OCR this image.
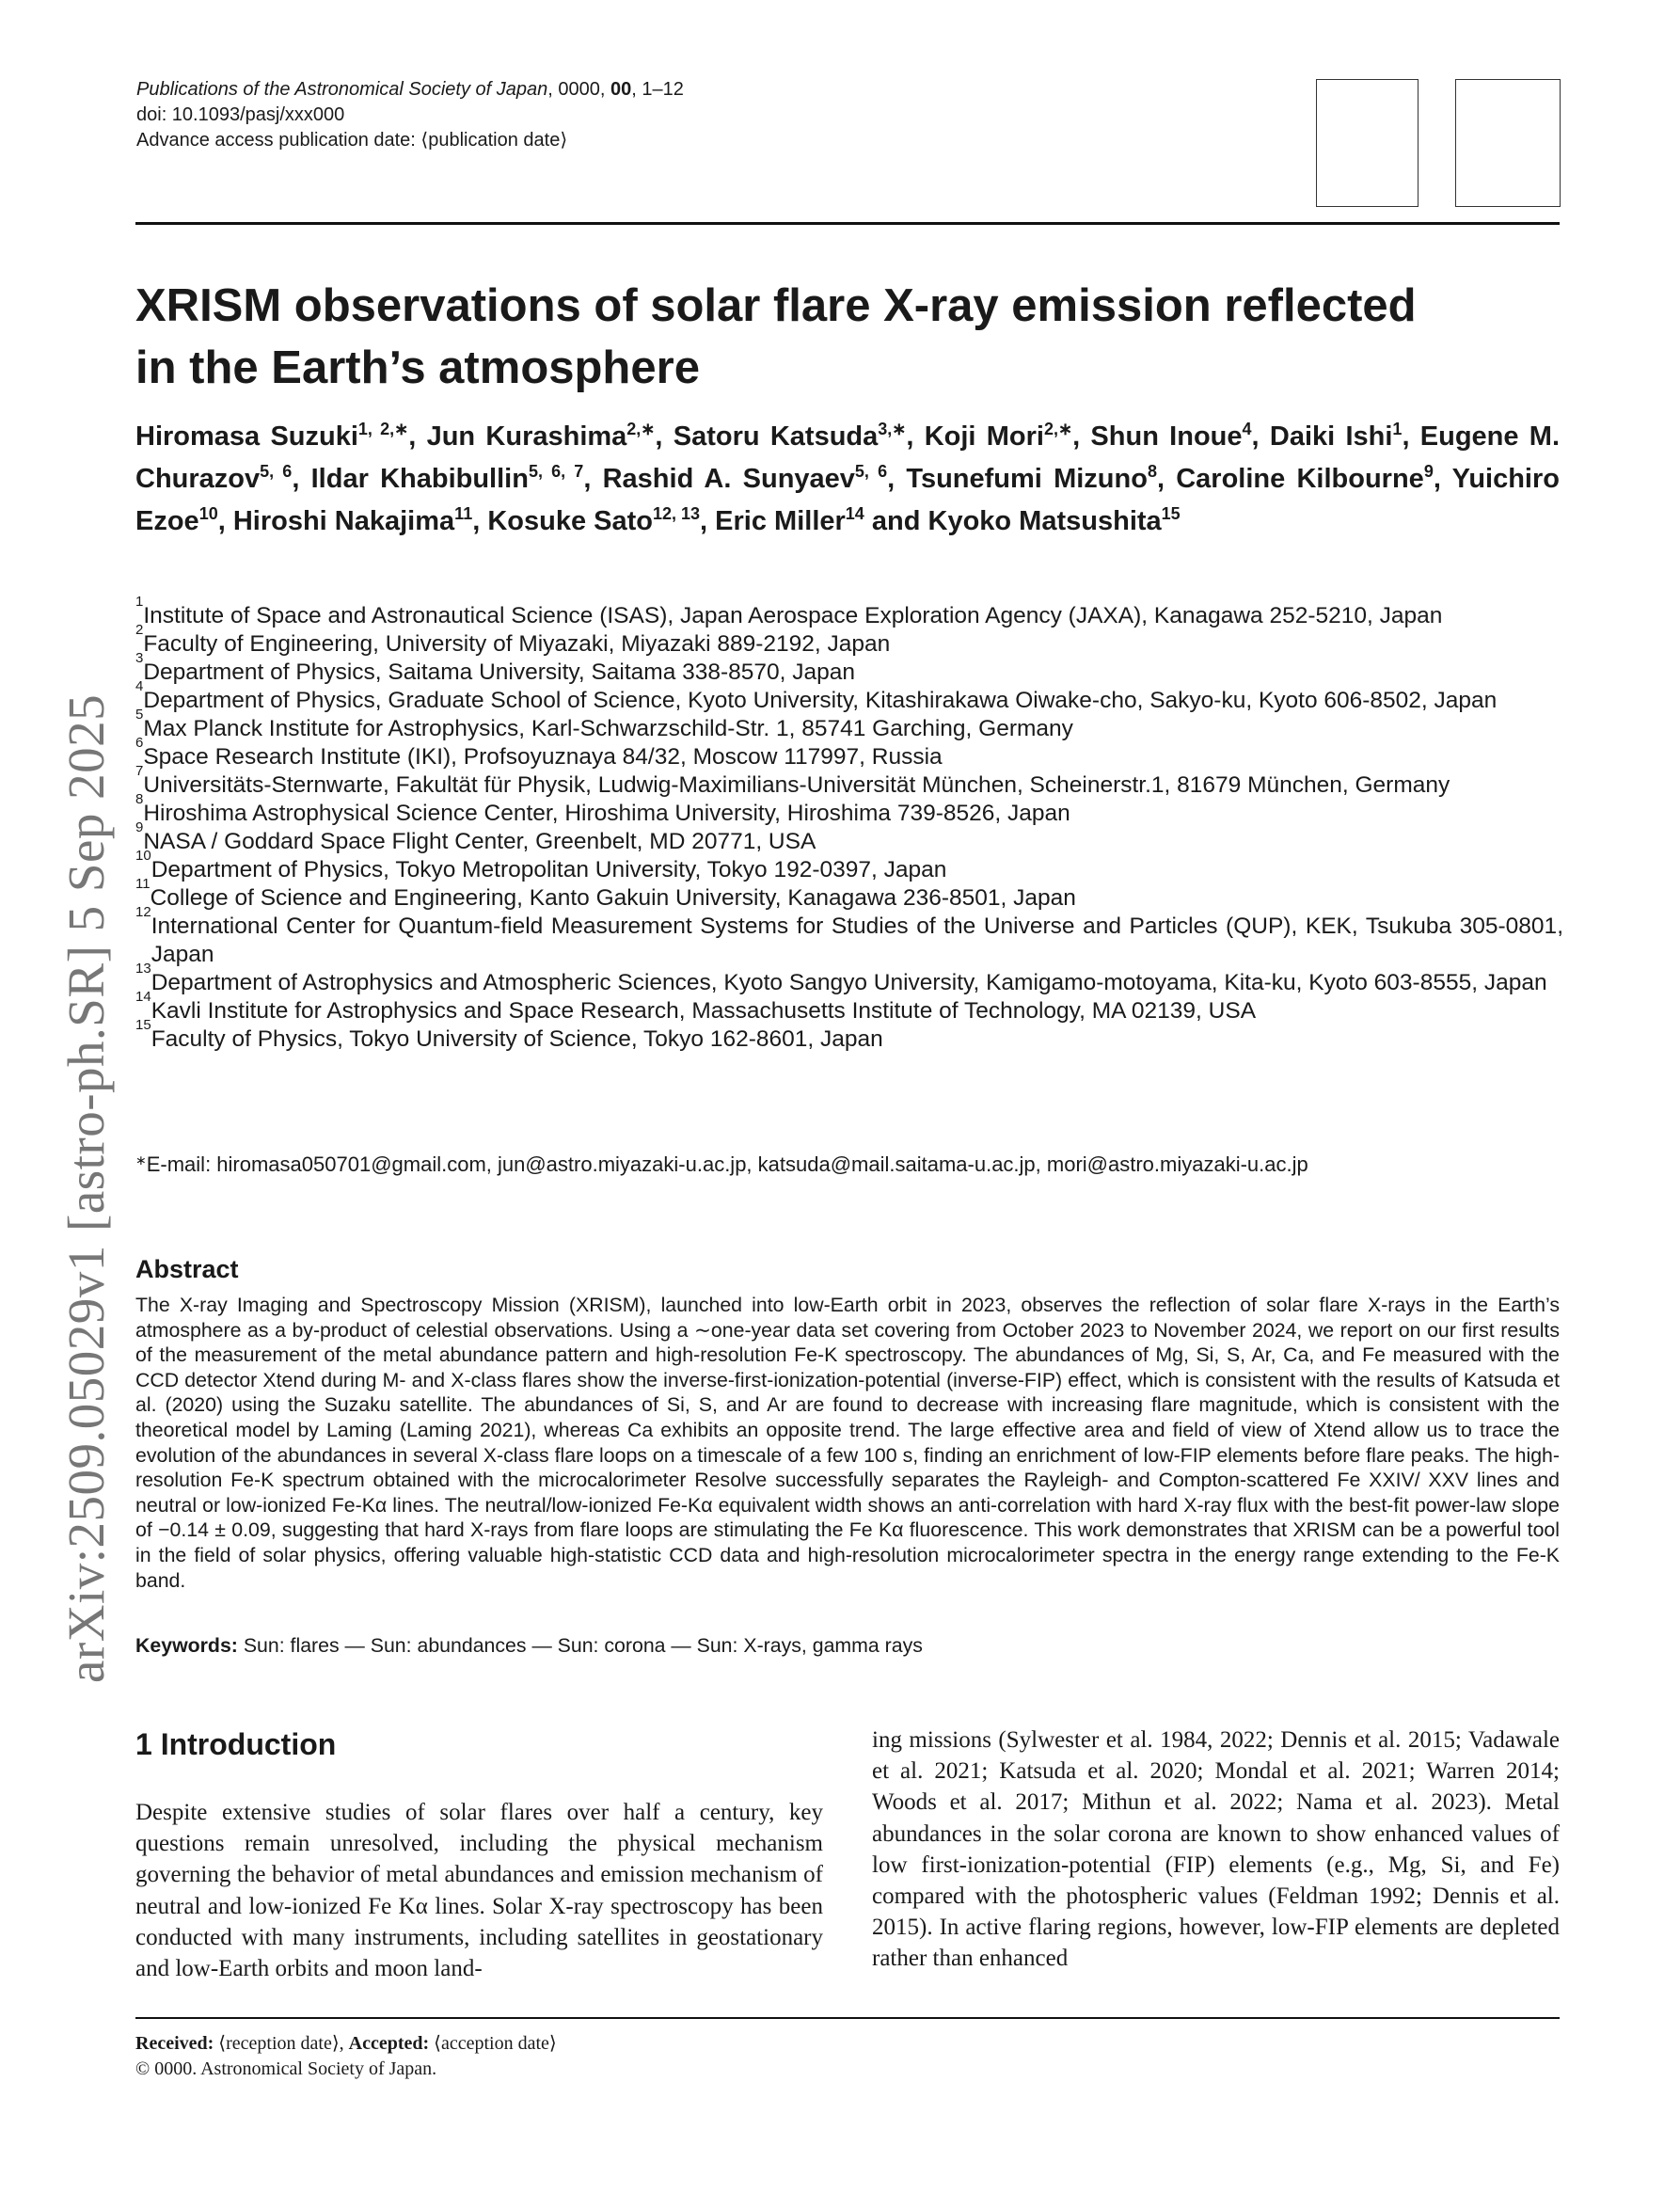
Publications of the Astronomical Society of Japan, 0000, 00, 1–12
doi: 10.1093/pasj/xxx000
Advance access publication date: ⟨publication date⟩
arXiv:2509.05029v1 [astro-ph.SR] 5 Sep 2025
XRISM observations of solar flare X-ray emission reflected
in the Earth’s atmosphere
Hiromasa Suzuki$^{1, 2,∗}$, Jun Kurashima$^{2,∗}$, Satoru Katsuda$^{3,∗}$, Koji Mori$^{2,∗}$, Shun Inoue$^4$, Daiki Ishi$^1$, Eugene M. Churazov$^{5, 6}$, Ildar Khabibullin$^{5, 6, 7}$, Rashid A. Sunyaev$^{5, 6}$, Tsunefumi Mizuno$^8$, Caroline Kilbourne$^9$, Yuichiro Ezoe$^{10}$, Hiroshi Nakajima$^{11}$, Kosuke Sato$^{12, 13}$, Eric Miller$^{14}$ and Kyoko Matsushita$^{15}$
1
Institute of Space and Astronautical Science (ISAS), Japan Aerospace Exploration Agency (JAXA), Kanagawa 252-5210, Japan
2
Faculty of Engineering, University of Miyazaki, Miyazaki 889-2192, Japan
3
Department of Physics, Saitama University, Saitama 338-8570, Japan
4
Department of Physics, Graduate School of Science, Kyoto University, Kitashirakawa Oiwake-cho, Sakyo-ku, Kyoto 606-8502, Japan
5
Max Planck Institute for Astrophysics, Karl-Schwarzschild-Str. 1, 85741 Garching, Germany
6
Space Research Institute (IKI), Profsoyuznaya 84/32, Moscow 117997, Russia
7
Universitäts-Sternwarte, Fakultät für Physik, Ludwig-Maximilians-Universität München, Scheinerstr.1, 81679 München, Germany
8
Hiroshima Astrophysical Science Center, Hiroshima University, Hiroshima 739-8526, Japan
9
NASA / Goddard Space Flight Center, Greenbelt, MD 20771, USA
10
Department of Physics, Tokyo Metropolitan University, Tokyo 192-0397, Japan
11
College of Science and Engineering, Kanto Gakuin University, Kanagawa 236-8501, Japan
12
International Center for Quantum-field Measurement Systems for Studies of the Universe and Particles (QUP), KEK, Tsukuba 305-0801, Japan
13
Department of Astrophysics and Atmospheric Sciences, Kyoto Sangyo University, Kamigamo-motoyama, Kita-ku, Kyoto 603-8555, Japan
14
Kavli Institute for Astrophysics and Space Research, Massachusetts Institute of Technology, MA 02139, USA
15
Faculty of Physics, Tokyo University of Science, Tokyo 162-8601, Japan
∗E-mail: hiromasa050701@gmail.com, jun@astro.miyazaki-u.ac.jp, katsuda@mail.saitama-u.ac.jp, mori@astro.miyazaki-u.ac.jp
Abstract
The X-ray Imaging and Spectroscopy Mission (XRISM), launched into low-Earth orbit in 2023, observes the reflection of solar flare X-rays in the Earth’s atmosphere as a by-product of celestial observations. Using a ∼one-year data set covering from October 2023 to November 2024, we report on our first results of the measurement of the metal abundance pattern and high-resolution Fe-K spectroscopy. The abundances of Mg, Si, S, Ar, Ca, and Fe measured with the CCD detector Xtend during M- and X-class flares show the inverse-first-ionization-potential (inverse-FIP) effect, which is consistent with the results of Katsuda et al. (2020) using the Suzaku satellite. The abundances of Si, S, and Ar are found to decrease with increasing flare magnitude, which is consistent with the theoretical model by Laming (Laming 2021), whereas Ca exhibits an opposite trend. The large effective area and field of view of Xtend allow us to trace the evolution of the abundances in several X-class flare loops on a timescale of a few 100 s, finding an enrichment of low-FIP elements before flare peaks. The high-resolution Fe-K spectrum obtained with the microcalorimeter Resolve successfully separates the Rayleigh- and Compton-scattered Fe XXIV/ XXV lines and neutral or low-ionized Fe-Kα lines. The neutral/low-ionized Fe-Kα equivalent width shows an anti-correlation with hard X-ray flux with the best-fit power-law slope of −0.14 ± 0.09, suggesting that hard X-rays from flare loops are stimulating the Fe Kα fluorescence. This work demonstrates that XRISM can be a powerful tool in the field of solar physics, offering valuable high-statistic CCD data and high-resolution microcalorimeter spectra in the energy range extending to the Fe-K band.
Keywords: Sun: flares — Sun: abundances — Sun: corona — Sun: X-rays, gamma rays
1 Introduction
Despite extensive studies of solar flares over half a century, key questions remain unresolved, including the physical mechanism governing the behavior of metal abundances and emission mechanism of neutral and low-ionized Fe Kα lines. Solar X-ray spectroscopy has been conducted with many instruments, including satellites in geostationary and low-Earth orbits and moon land-
ing missions (Sylwester et al. 1984, 2022; Dennis et al. 2015; Vadawale et al. 2021; Katsuda et al. 2020; Mondal et al. 2021; Warren 2014; Woods et al. 2017; Mithun et al. 2022; Nama et al. 2023). Metal abundances in the solar corona are known to show enhanced values of low first-ionization-potential (FIP) elements (e.g., Mg, Si, and Fe) compared with the photospheric values (Feldman 1992; Dennis et al. 2015). In active flaring regions, however, low-FIP elements are depleted rather than enhanced
Received: ⟨reception date⟩, Accepted: ⟨acception date⟩
© 0000. Astronomical Society of Japan.
